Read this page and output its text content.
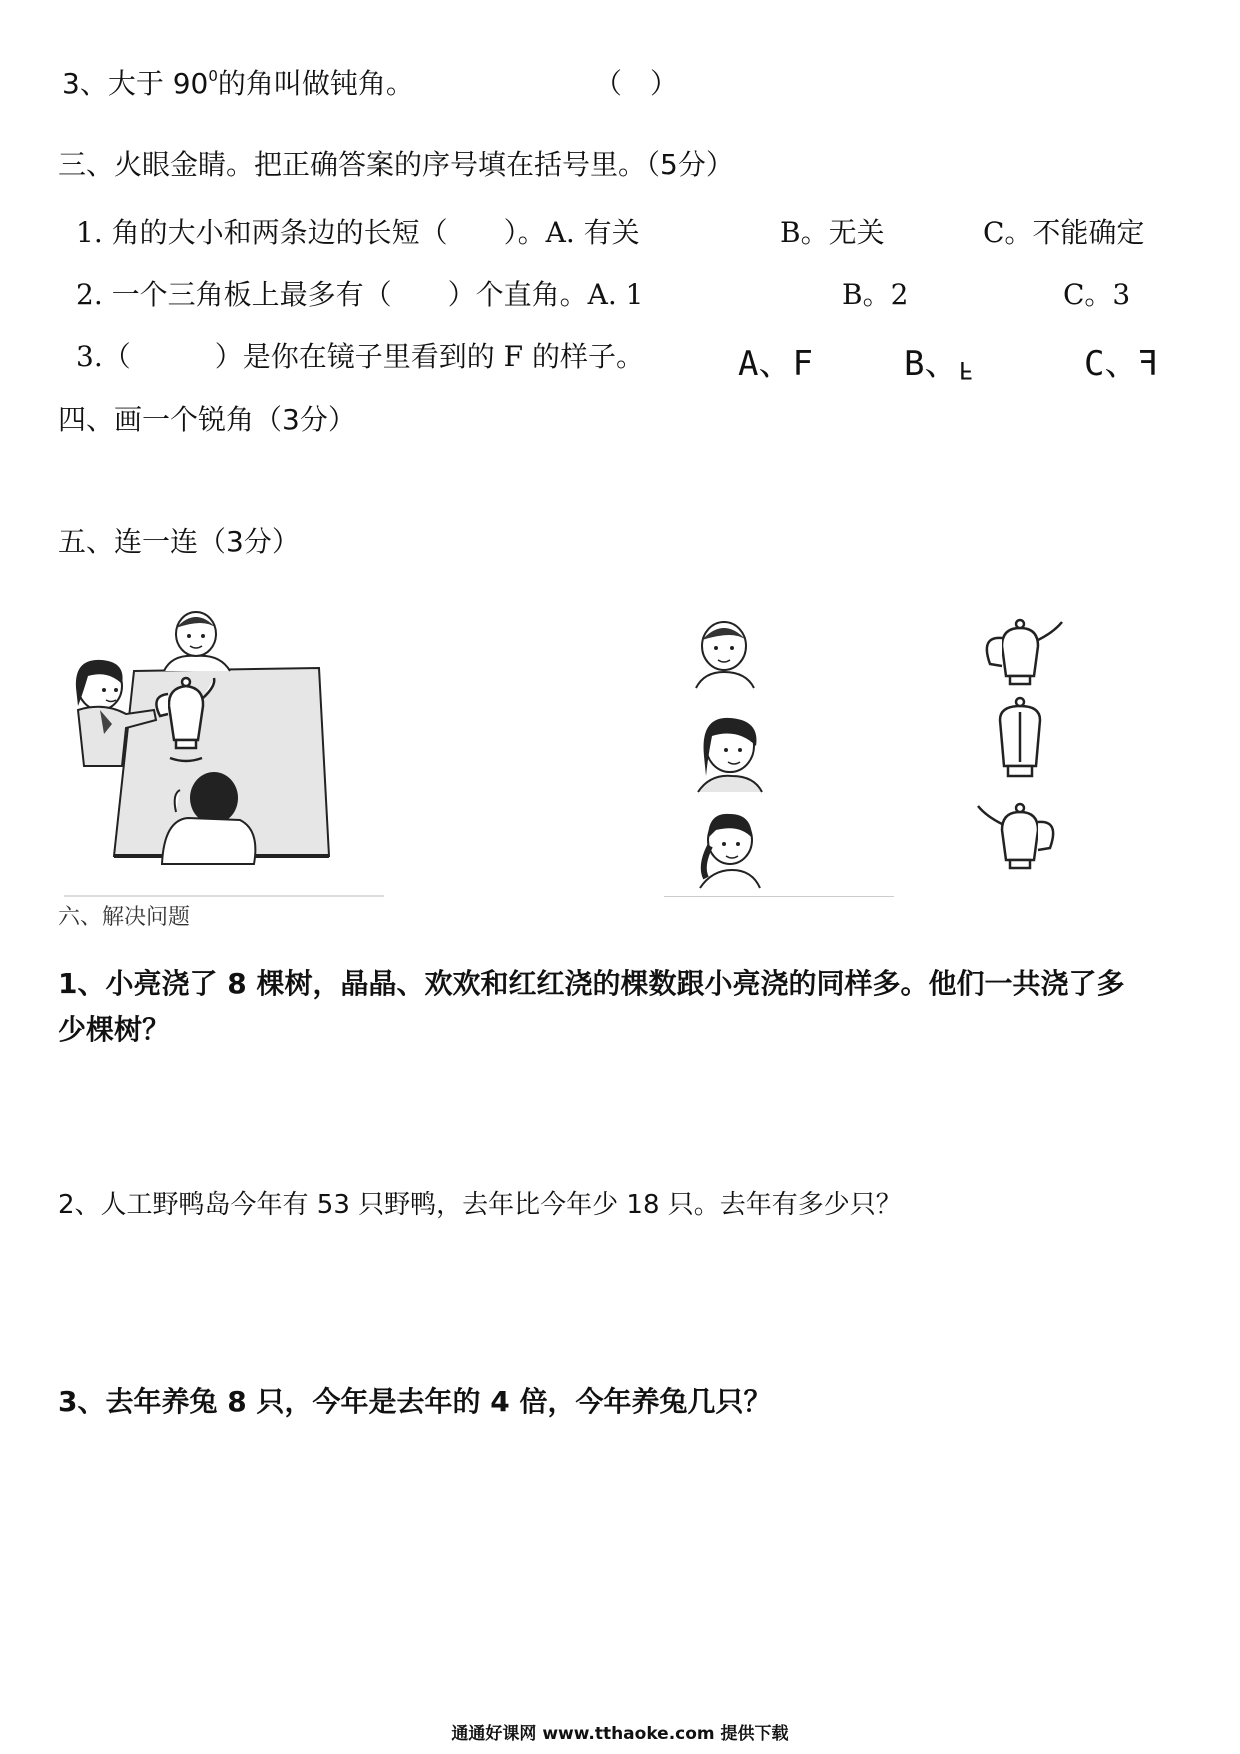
3、大于 $90^0$的角叫做钝角。	（　）
三、火眼金睛。把正确答案的序号填在括号里。（5分）
1. 角的大小和两条边的长短（　　）。A. 有关	B。无关	C。不能确定
2. 一个三角板上最多有（　　）个直角。A. 1	B。2	C。3
3.（　　　）是你在镜子里看到的 F 的样子。	A、F	B、F	C、F
四、画一个锐角（3分）
五、连一连（3分）
六、解决问题
1、小亮浇了 8 棵树，晶晶、欢欢和红红浇的棵数跟小亮浇的同样多。他们一共浇了多
少棵树？
2、人工野鸭岛今年有 53 只野鸭，去年比今年少 18 只。去年有多少只？
3、去年养兔 8 只，今年是去年的 4 倍，今年养兔几只？
通通好课网 www.tthaoke.com 提供下载
